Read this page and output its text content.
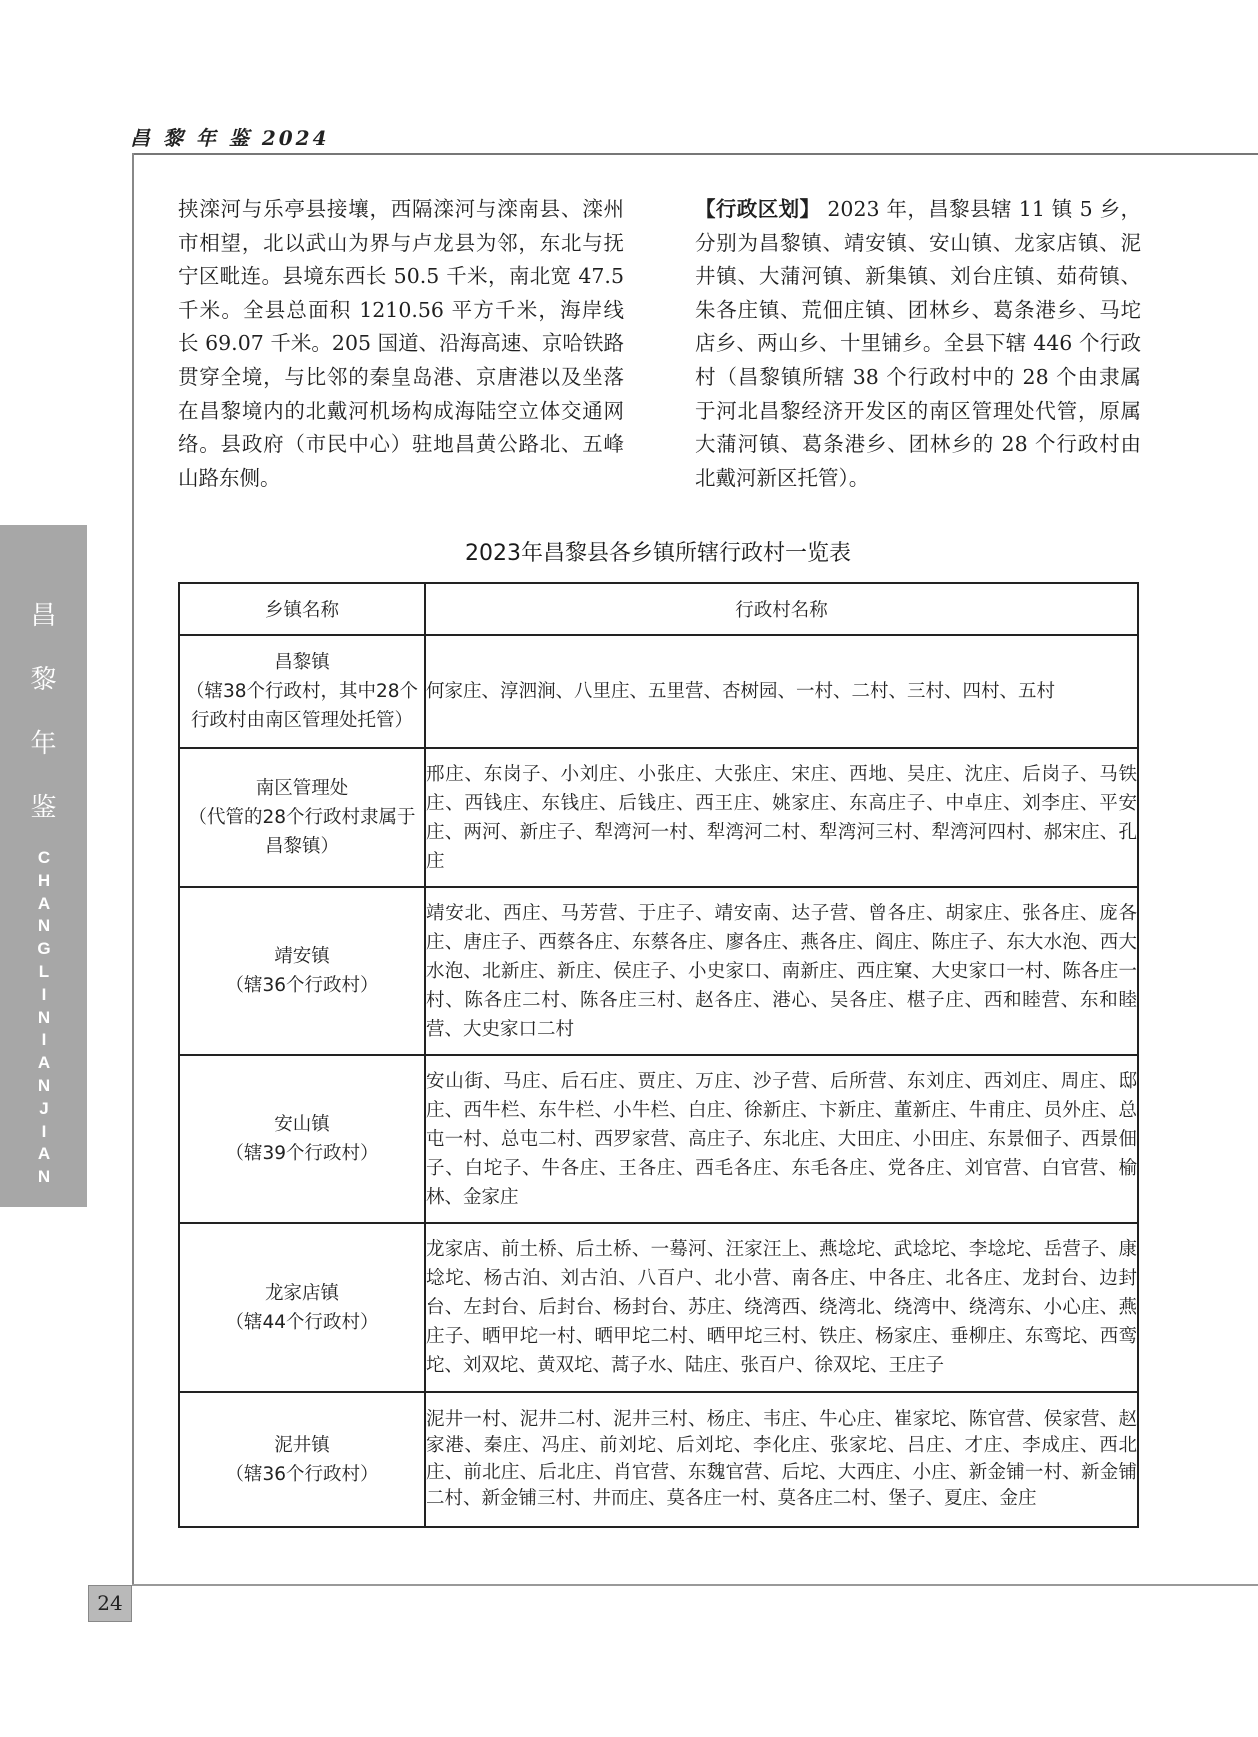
昌 黎 年 鉴 2024
昌
黎
年
鉴
CHANGLINIANJIAN
24
挟滦河与乐亭县接壤，西隔滦河与滦南县、滦州市相望，北以武山为界与卢龙县为邻，东北与抚宁区毗连。县境东西长 50.5 千米，南北宽 47.5 千米。全县总面积 1210.56 平方千米，海岸线长 69.07 千米。205 国道、沿海高速、京哈铁路贯穿全境，与比邻的秦皇岛港、京唐港以及坐落在昌黎境内的北戴河机场构成海陆空立体交通网络。县政府（市民中心）驻地昌黄公路北、五峰山路东侧。
【行政区划】 2023 年，昌黎县辖 11 镇 5 乡，分别为昌黎镇、靖安镇、安山镇、龙家店镇、泥井镇、大蒲河镇、新集镇、刘台庄镇、茹荷镇、朱各庄镇、荒佃庄镇、团林乡、葛条港乡、马坨店乡、两山乡、十里铺乡。全县下辖 446 个行政村（昌黎镇所辖 38 个行政村中的 28 个由隶属于河北昌黎经济开发区的南区管理处代管，原属大蒲河镇、葛条港乡、团林乡的 28 个行政村由北戴河新区托管）。
2023年昌黎县各乡镇所辖行政村一览表
乡镇名称	行政村名称

昌黎镇
（辖38个行政村，其中28个行政村由南区管理处托管）	何家庄、淳泗涧、八里庄、五里营、杏树园、一村、二村、三村、四村、五村

南区管理处
（代管的28个行政村隶属于昌黎镇）	邢庄、东岗子、小刘庄、小张庄、大张庄、宋庄、西地、吴庄、沈庄、后岗子、马铁庄、西钱庄、东钱庄、后钱庄、西王庄、姚家庄、东高庄子、中卓庄、刘李庄、平安庄、两河、新庄子、犁湾河一村、犁湾河二村、犁湾河三村、犁湾河四村、郝宋庄、孔庄

靖安镇
（辖36个行政村）	靖安北、西庄、马芳营、于庄子、靖安南、达子营、曾各庄、胡家庄、张各庄、庞各庄、唐庄子、西蔡各庄、东蔡各庄、廖各庄、燕各庄、阎庄、陈庄子、东大水泡、西大水泡、北新庄、新庄、侯庄子、小史家口、南新庄、西庄窠、大史家口一村、陈各庄一村、陈各庄二村、陈各庄三村、赵各庄、港心、吴各庄、椹子庄、西和睦营、东和睦营、大史家口二村

安山镇
（辖39个行政村）	安山街、马庄、后石庄、贾庄、万庄、沙子营、后所营、东刘庄、西刘庄、周庄、邸庄、西牛栏、东牛栏、小牛栏、白庄、徐新庄、卞新庄、董新庄、牛甫庄、员外庄、总屯一村、总屯二村、西罗家营、高庄子、东北庄、大田庄、小田庄、东景佃子、西景佃子、白坨子、牛各庄、王各庄、西毛各庄、东毛各庄、党各庄、刘官营、白官营、榆林、金家庄

龙家店镇
（辖44个行政村）	龙家店、前土桥、后土桥、一蓦河、汪家汪上、燕埝坨、武埝坨、李埝坨、岳营子、康埝坨、杨古泊、刘古泊、八百户、北小营、南各庄、中各庄、北各庄、龙封台、边封台、左封台、后封台、杨封台、苏庄、绕湾西、绕湾北、绕湾中、绕湾东、小心庄、燕庄子、晒甲坨一村、晒甲坨二村、晒甲坨三村、铁庄、杨家庄、垂柳庄、东鸾坨、西鸾坨、刘双坨、黄双坨、蒿子水、陆庄、张百户、徐双坨、王庄子

泥井镇
（辖36个行政村）	泥井一村、泥井二村、泥井三村、杨庄、韦庄、牛心庄、崔家坨、陈官营、侯家营、赵家港、秦庄、冯庄、前刘坨、后刘坨、李化庄、张家坨、吕庄、才庄、李成庄、西北庄、前北庄、后北庄、肖官营、东魏官营、后坨、大西庄、小庄、新金铺一村、新金铺二村、新金铺三村、井而庄、莫各庄一村、莫各庄二村、堡子、夏庄、金庄
